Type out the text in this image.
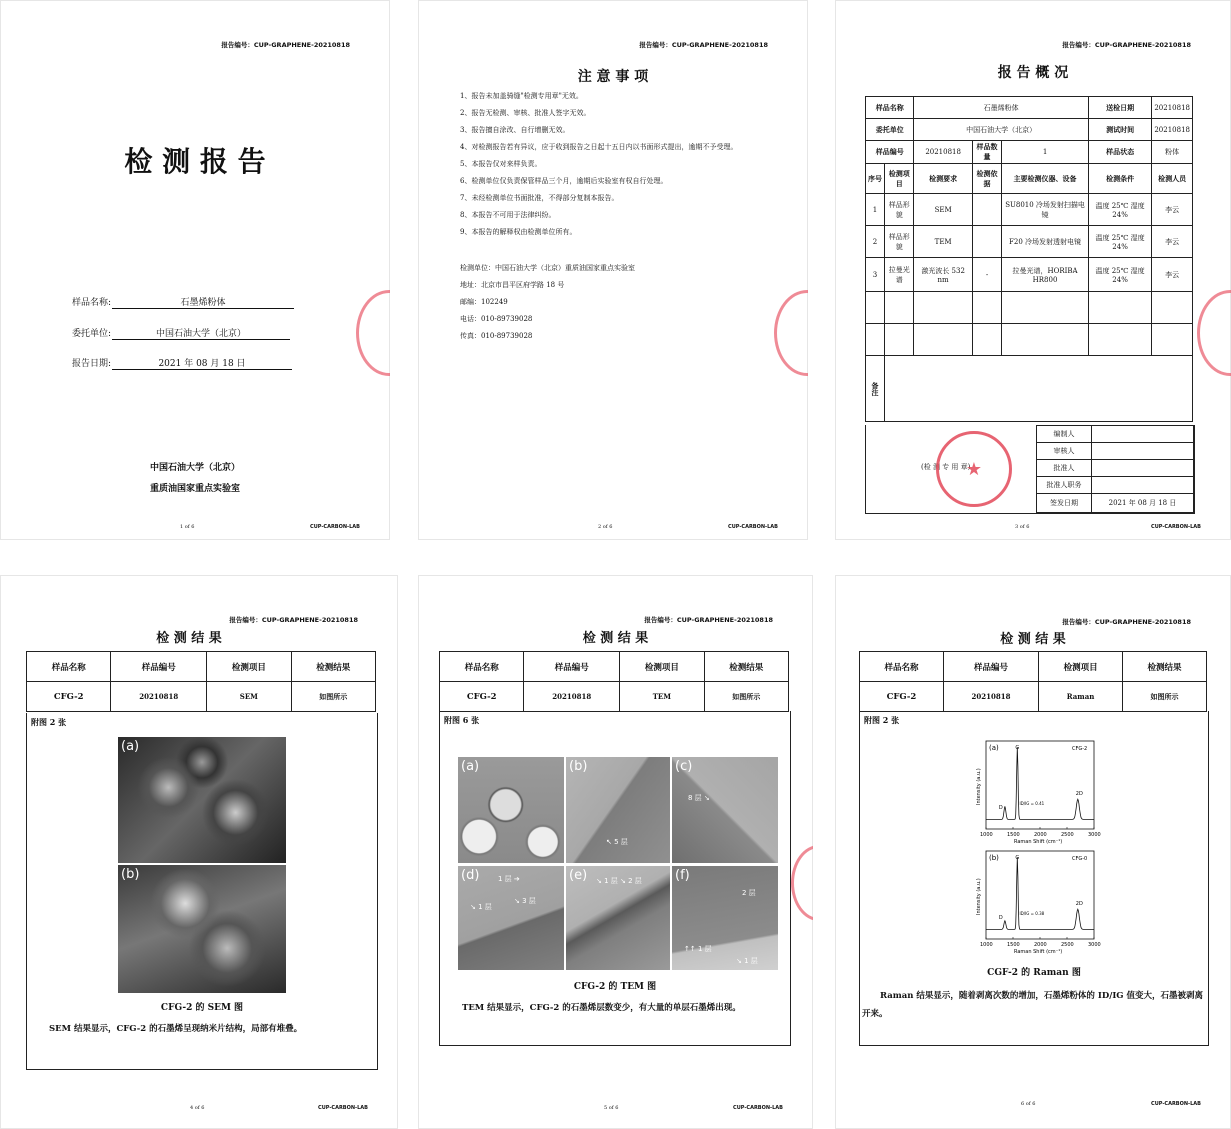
报告编号：CUP-GRAPHENE-20210818
检 测 报 告
样品名称:	石墨烯粉体
委托单位:	中国石油大学（北京）
报告日期:	2021 年 08 月 18 日
中国石油大学（北京）
重质油国家重点实验室
1 of 6	CUP-CARBON-LAB
报告编号：CUP-GRAPHENE-20210818
注 意 事 项
1、报告未加盖骑缝"检测专用章"无效。
2、报告无检测、审核、批准人签字无效。
3、报告擅自涂改、自行增删无效。
4、对检测报告若有异议，应于收到报告之日起十五日内以书面形式提出，逾期不予受理。
5、本报告仅对来样负责。
6、检测单位仅负责保管样品三个月，逾期后实验室有权自行处理。
7、未经检测单位书面批准，不得部分复制本报告。
8、本报告不可用于法律纠纷。
9、本报告的解释权由检测单位所有。
检测单位：中国石油大学（北京）重质油国家重点实验室
地址：北京市昌平区府学路 18 号
邮编：102249
电话：010-89739028
传真：010-89739028
2 of 6	CUP-CARBON-LAB
报告编号：CUP-GRAPHENE-20210818
报 告 概 况
样品名称		石墨烯粉体			送检日期	20210818
委托单位		中国石油大学（北京）			测试时间	20210818
样品编号		20210818	样品数量	1	样品状态	粉体
序号	检测项目	检测要求	检测依据	主要检测仪器、设备	检测条件	检测人员
1	样品形貌	SEM		SU8010 冷场发射扫描电镜	温度 25℃ 湿度 24%	李云
2	样品形貌	TEM		F20 冷场发射透射电镜	温度 25℃ 湿度 24%	李云
3	拉曼光谱	激光波长 532 nm	-	拉曼光谱，HORIBA HR800	温度 25℃ 湿度 24%	李云

备注						
(检 测 专 用 章)
★
编制人	
审核人	
批准人	
批准人职务	
签发日期	2021 年 08 月 18 日
3 of 6	CUP-CARBON-LAB
报告编号：CUP-GRAPHENE-20210818
检 测 结 果
样品名称	样品编号	检测项目	检测结果
CFG-2	20210818	SEM	如图所示
附图 2 张
(a)
(b)
CFG-2 的 SEM 图
SEM 结果显示，CFG-2 的石墨烯呈现纳米片结构，局部有堆叠。
4 of 6	CUP-CARBON-LAB
报告编号：CUP-GRAPHENE-20210818
检 测 结 果
样品名称	样品编号	检测项目	检测结果
CFG-2	20210818	TEM	如图所示
附图 6 张
(a)	(b)
↖ 5 层
(c)
8 层 ↘
(d)	1 层 ➔
↘ 1 层
↘ 3 层
(e) ↘ 1 层 ↘ 2 层	(f)
2 层
↑↑ 1 层
↘ 1 层
CFG-2 的 TEM 图
TEM 结果显示，CFG-2 的石墨烯层数变少，有大量的单层石墨烯出现。
5 of 6	CUP-CARBON-LAB
报告编号：CUP-GRAPHENE-20210818
检 测 结 果
样品名称	样品编号	检测项目	检测结果
CFG-2	20210818	Raman	如图所示
附图 2 张
(a)	CFG-2
G
D
2D
ID/IG = 0.41
Intensity (a.u.)
1000	1500	2000	2500	3000
Raman Shift (cm⁻¹)
(b)	CFG-0
G
D
2D
ID/IG = 0.38
Intensity (a.u.)
1000	1500	2000	2500	3000
Raman Shift (cm⁻¹)
CGF-2 的 Raman 图
Raman 结果显示，随着剥离次数的增加，石墨烯粉体的 ID/IG 值变大，石墨被剥离
开来。
6 of 6	CUP-CARBON-LAB
